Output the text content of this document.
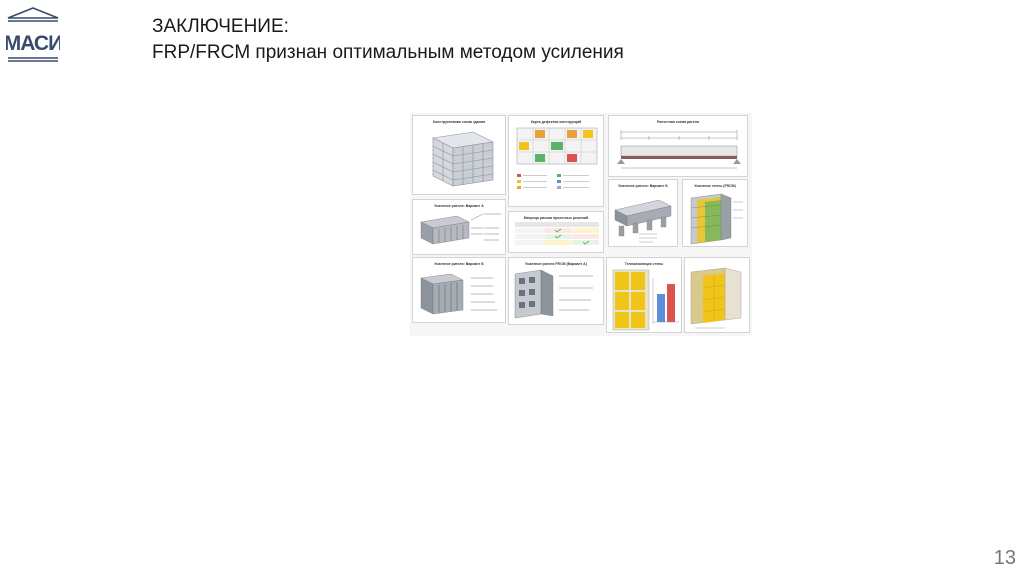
МАСИ
ЗАКЛЮЧЕНИЕ:
FRP/FRCM признан оптимальным методом усиления
Конструктивная схема здания	Карта дефектов конструкций	Расчетная схема ригеля
Усиление ригеля: Вариант А
Матрица рисков проектных решений
Усиление ригеля: Вариант Б	Усиление стены (FRCM)
Усиление ригеля: Вариант Б	Усиление ригеля FRCM (Вариант А)	Теплоизоляция стены
13
